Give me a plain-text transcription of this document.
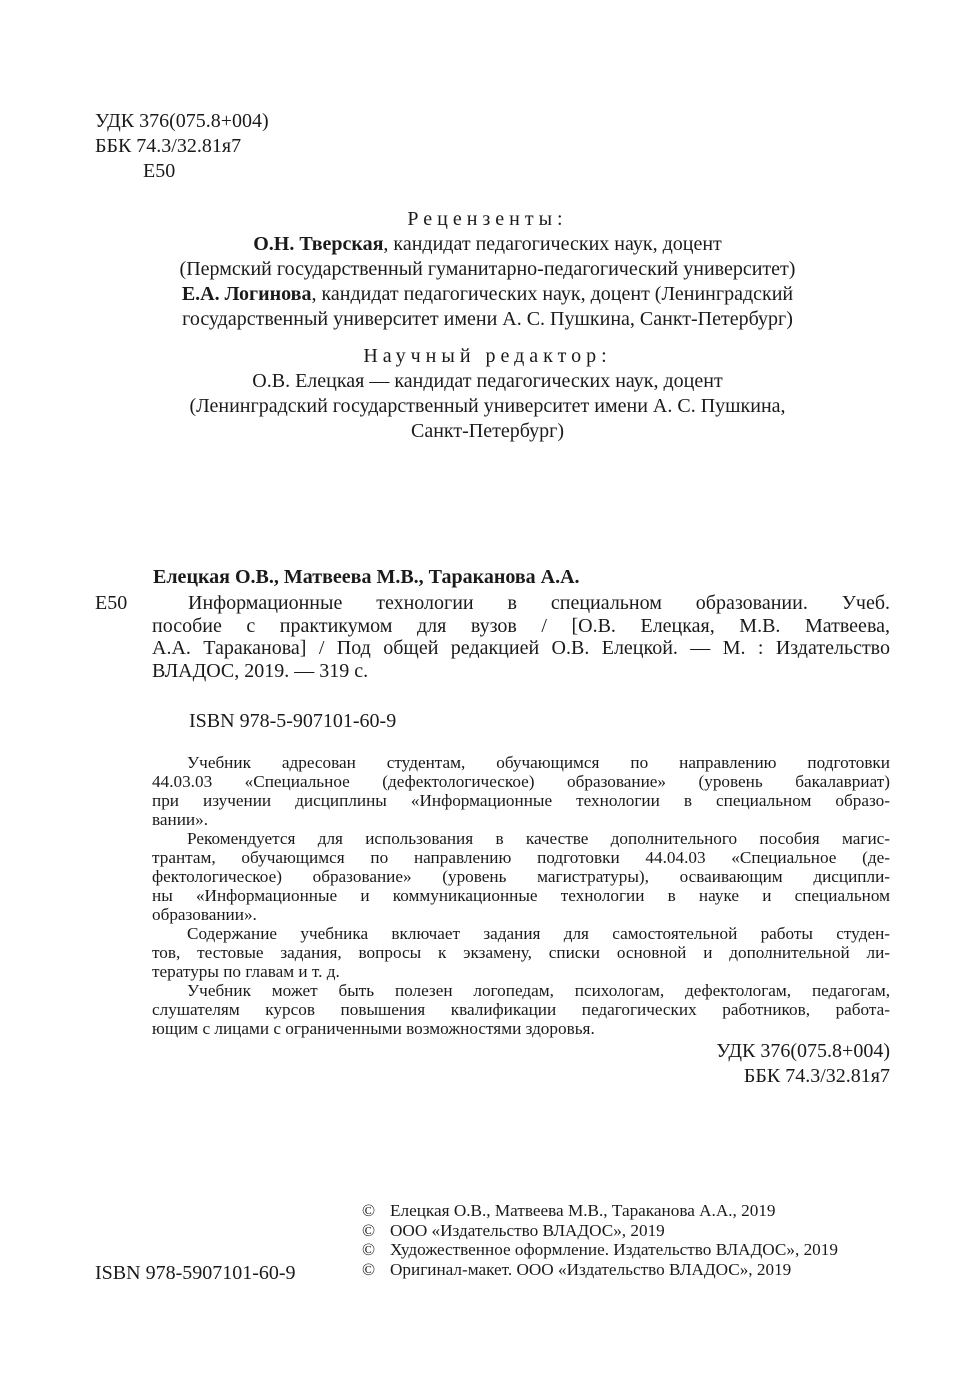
УДК 376(075.8+004)
ББК 74.3/32.81я7
Е50
Рецензенты:
О.Н. Тверская, кандидат педагогических наук, доцент
(Пермский государственный гуманитарно-педагогический университет)
Е.А. Логинова, кандидат педагогических наук, доцент (Ленинградский
государственный университет имени А. С. Пушкина, Санкт-Петербург)
Научный редактор:
О.В. Елецкая — кандидат педагогических наук, доцент
(Ленинградский государственный университет имени А. С. Пушкина,
Санкт-Петербург)
Елецкая О.В., Матвеева М.В., Тараканова А.А.
Е50	Информационные технологии в специальном образовании. Учеб.
пособие с практикумом для вузов / [О.В. Елецкая, М.В. Матвеева,
А.А. Тараканова] / Под общей редакцией О.В. Елецкой. — М. : Издательство
ВЛАДОС, 2019. — 319 с.
ISBN 978-5-907101-60-9
Учебник адресован студентам, обучающимся по направлению подготовки
44.03.03 «Специальное (дефектологическое) образование» (уровень бакалавриат)
при изучении дисциплины «Информационные технологии в специальном образо-
вании».
Рекомендуется для использования в качестве дополнительного пособия магис-
трантам, обучающимся по направлению подготовки 44.04.03 «Специальное (де-
фектологическое) образование» (уровень магистратуры), осваивающим дисципли-
ны «Информационные и коммуникационные технологии в науке и специальном
образовании».
Содержание учебника включает задания для самостоятельной работы студен-
тов, тестовые задания, вопросы к экзамену, списки основной и дополнительной ли-
тературы по главам и т. д.
Учебник может быть полезен логопедам, психологам, дефектологам, педагогам,
слушателям курсов повышения квалификации педагогических работников, работа-
ющим с лицами с ограниченными возможностями здоровья.
УДК 376(075.8+004)
ББК 74.3/32.81я7
© Елецкая О.В., Матвеева М.В., Тараканова А.А., 2019
© ООО «Издательство ВЛАДОС», 2019
© Художественное оформление. Издательство ВЛАДОС», 2019
© Оригинал-макет. ООО «Издательство ВЛАДОС», 2019
ISBN 978-5907101-60-9
